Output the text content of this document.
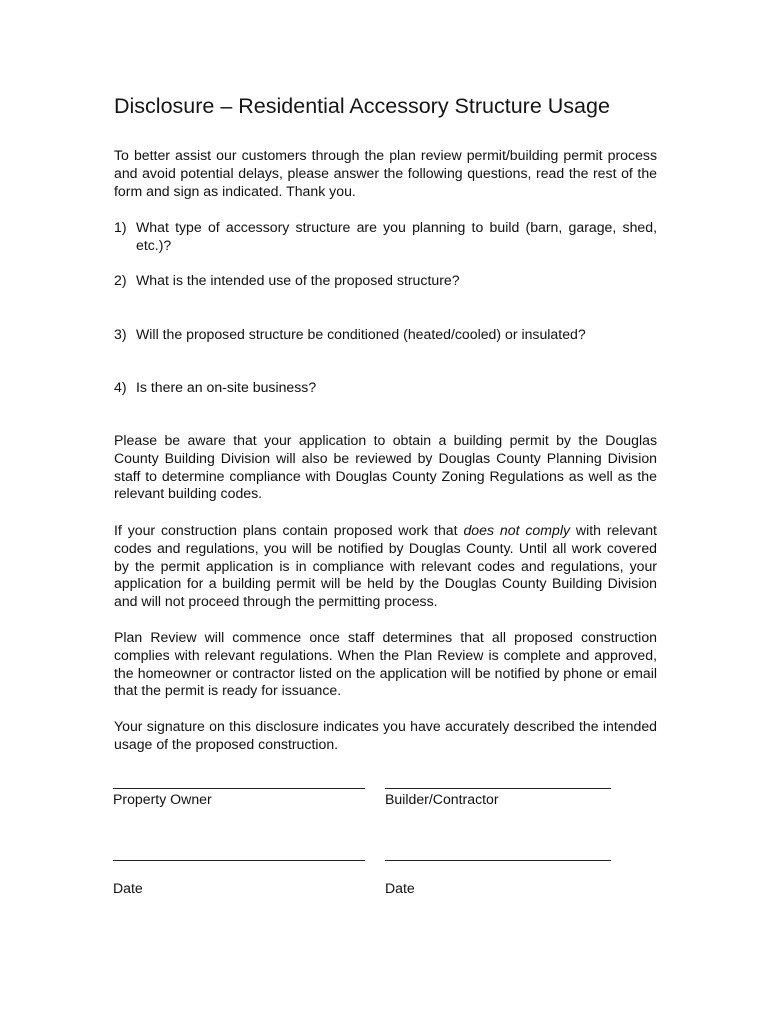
Disclosure – Residential Accessory Structure Usage
To better assist our customers through the plan review permit/building permit process and avoid potential delays, please answer the following questions, read the rest of the form and sign as indicated. Thank you.
1) What type of accessory structure are you planning to build (barn, garage, shed, etc.)?
2) What is the intended use of the proposed structure?
3) Will the proposed structure be conditioned (heated/cooled) or insulated?
4) Is there an on-site business?
Please be aware that your application to obtain a building permit by the Douglas County Building Division will also be reviewed by Douglas County Planning Division staff to determine compliance with Douglas County Zoning Regulations as well as the relevant building codes.
If your construction plans contain proposed work that does not comply with relevant codes and regulations, you will be notified by Douglas County. Until all work covered by the permit application is in compliance with relevant codes and regulations, your application for a building permit will be held by the Douglas County Building Division and will not proceed through the permitting process.
Plan Review will commence once staff determines that all proposed construction complies with relevant regulations. When the Plan Review is complete and approved, the homeowner or contractor listed on the application will be notified by phone or email that the permit is ready for issuance.
Your signature on this disclosure indicates you have accurately described the intended usage of the proposed construction.
Property Owner	Builder/Contractor
Date	Date
